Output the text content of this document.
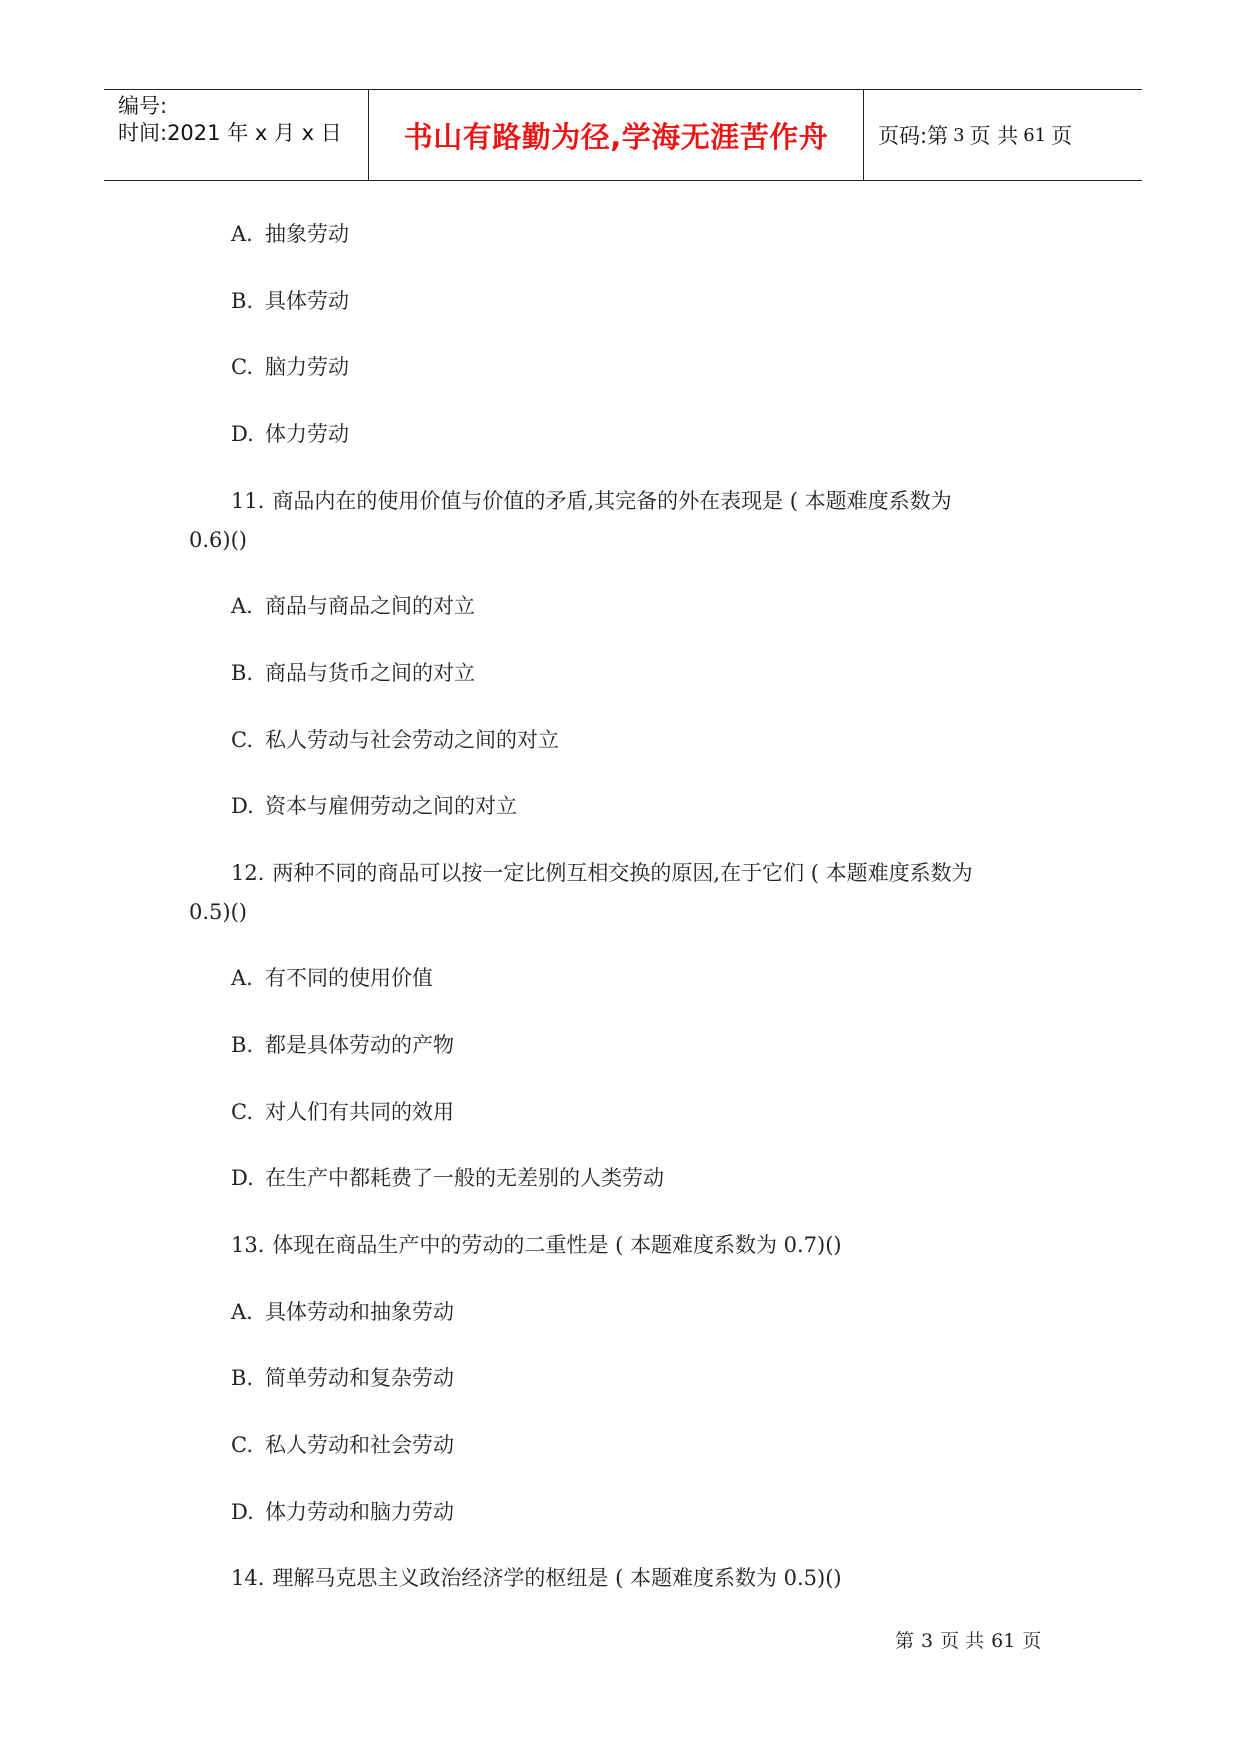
编号:
时间:2021 年 x 月 x 日	书山有路勤为径,学海无涯苦作舟 页码:第 3 页 共 61 页
A. 抽象劳动
B. 具体劳动
C. 脑力劳动
D. 体力劳动
11. 商品内在的使用价值与价值的矛盾,其完备的外在表现是 ( 本题难度系数为
0.6)()
A. 商品与商品之间的对立
B. 商品与货币之间的对立
C. 私人劳动与社会劳动之间的对立
D. 资本与雇佣劳动之间的对立
12. 两种不同的商品可以按一定比例互相交换的原因,在于它们 ( 本题难度系数为
0.5)()
A. 有不同的使用价值
B. 都是具体劳动的产物
C. 对人们有共同的效用
D. 在生产中都耗费了一般的无差别的人类劳动
13. 体现在商品生产中的劳动的二重性是 ( 本题难度系数为 0.7)()
A. 具体劳动和抽象劳动
B. 简单劳动和复杂劳动
C. 私人劳动和社会劳动
D. 体力劳动和脑力劳动
14. 理解马克思主义政治经济学的枢纽是 ( 本题难度系数为 0.5)()
第 3 页 共 61 页
